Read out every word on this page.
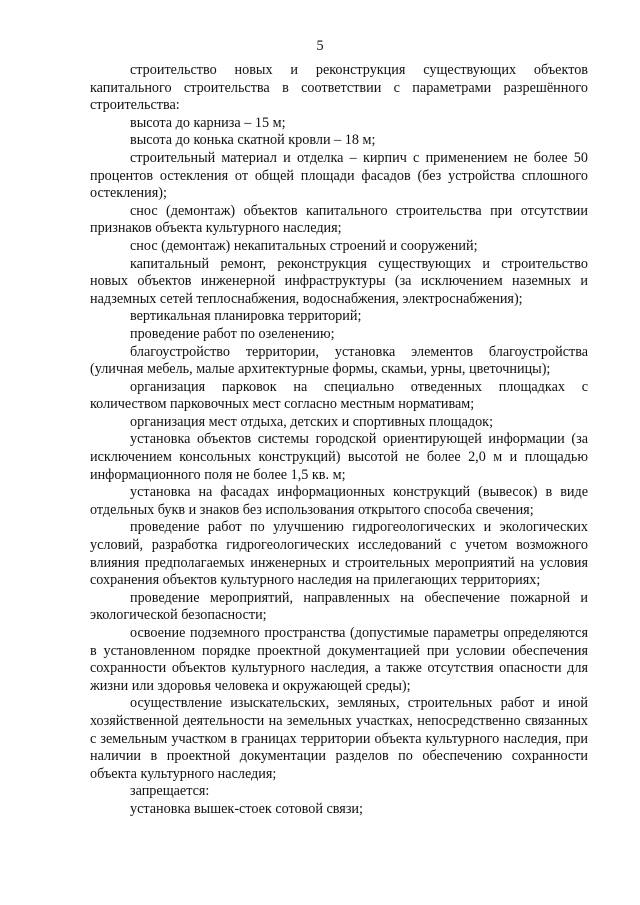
5

строительство новых и реконструкция существующих объектов капитального строительства в соответствии с параметрами разрешённого строительства:

высота до карниза – 15 м;

высота до конька скатной кровли – 18 м;

строительный материал и отделка – кирпич с применением не более 50 процентов остекления от общей площади фасадов (без устройства сплошного остекления);

снос (демонтаж) объектов капитального строительства при отсутствии признаков объекта культурного наследия;

снос (демонтаж) некапитальных строений и сооружений;

капитальный ремонт, реконструкция существующих и строительство новых объектов инженерной инфраструктуры (за исключением наземных и надземных сетей теплоснабжения, водоснабжения, электроснабжения);

вертикальная планировка территорий;

проведение работ по озеленению;

благоустройство территории, установка элементов благоустройства (уличная мебель, малые архитектурные формы, скамьи, урны, цветочницы);

организация парковок на специально отведенных площадках с количеством парковочных мест согласно местным нормативам;

организация мест отдыха, детских и спортивных площадок;

установка объектов системы городской ориентирующей информации (за исключением консольных конструкций) высотой не более 2,0 м и площадью информационного поля не более 1,5 кв. м;

установка на фасадах информационных конструкций (вывесок) в виде отдельных букв и знаков без использования открытого способа свечения;

проведение работ по улучшению гидрогеологических и экологических условий, разработка гидрогеологических исследований с учетом возможного влияния предполагаемых инженерных и строительных мероприятий на условия сохранения объектов культурного наследия на прилегающих территориях;

проведение мероприятий, направленных на обеспечение пожарной и экологической безопасности;

освоение подземного пространства (допустимые параметры определяются в установленном порядке проектной документацией при условии обеспечения сохранности объектов культурного наследия, а также отсутствия опасности для жизни или здоровья человека и окружающей среды);

осуществление изыскательских, земляных, строительных работ и иной хозяйственной деятельности на земельных участках, непосредственно связанных с земельным участком в границах территории объекта культурного наследия, при наличии в проектной документации разделов по обеспечению сохранности объекта культурного наследия;

запрещается:

установка вышек-стоек сотовой связи;
